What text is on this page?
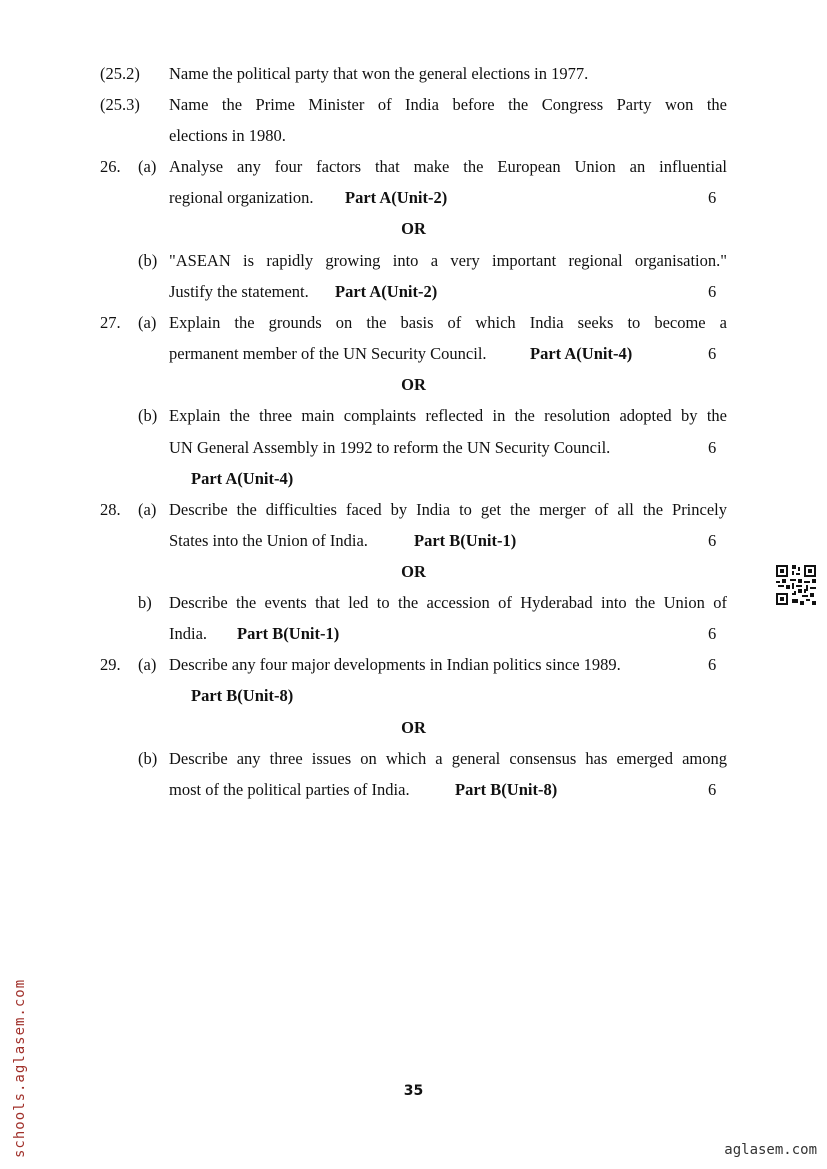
(25.2) Name the political party that won the general elections in 1977.
(25.3) Name the Prime Minister of India before the Congress Party won the
elections in 1980.
26. (a) Analyse any four factors that make the European Union an influential
regional organization.	Part A(Unit-2)	6
OR
(b) "ASEAN is rapidly growing into a very important regional organisation."
Justify the statement.	Part A(Unit-2)	6
27. (a) Explain the grounds on the basis of which India seeks to become a
permanent member of the UN Security Council.	Part A(Unit-4)	6
OR
(b) Explain the three main complaints reflected in the resolution adopted by the
UN General Assembly in 1992 to reform the UN Security Council.	6
Part A(Unit-4)
28. (a) Describe the difficulties faced by India to get the merger of all the Princely
States into the Union of India.	Part B(Unit-1)	6
OR
b) Describe the events that led to the accession of Hyderabad into the Union of
India.	Part B(Unit-1)	6
29. (a) Describe any four major developments in Indian politics since 1989.	6
Part B(Unit-8)
OR
(b) Describe any three issues on which a general consensus has emerged among
most of the political parties of India.	Part B(Unit-8)	6
35
schools.aglasem.com	aglasem.com
